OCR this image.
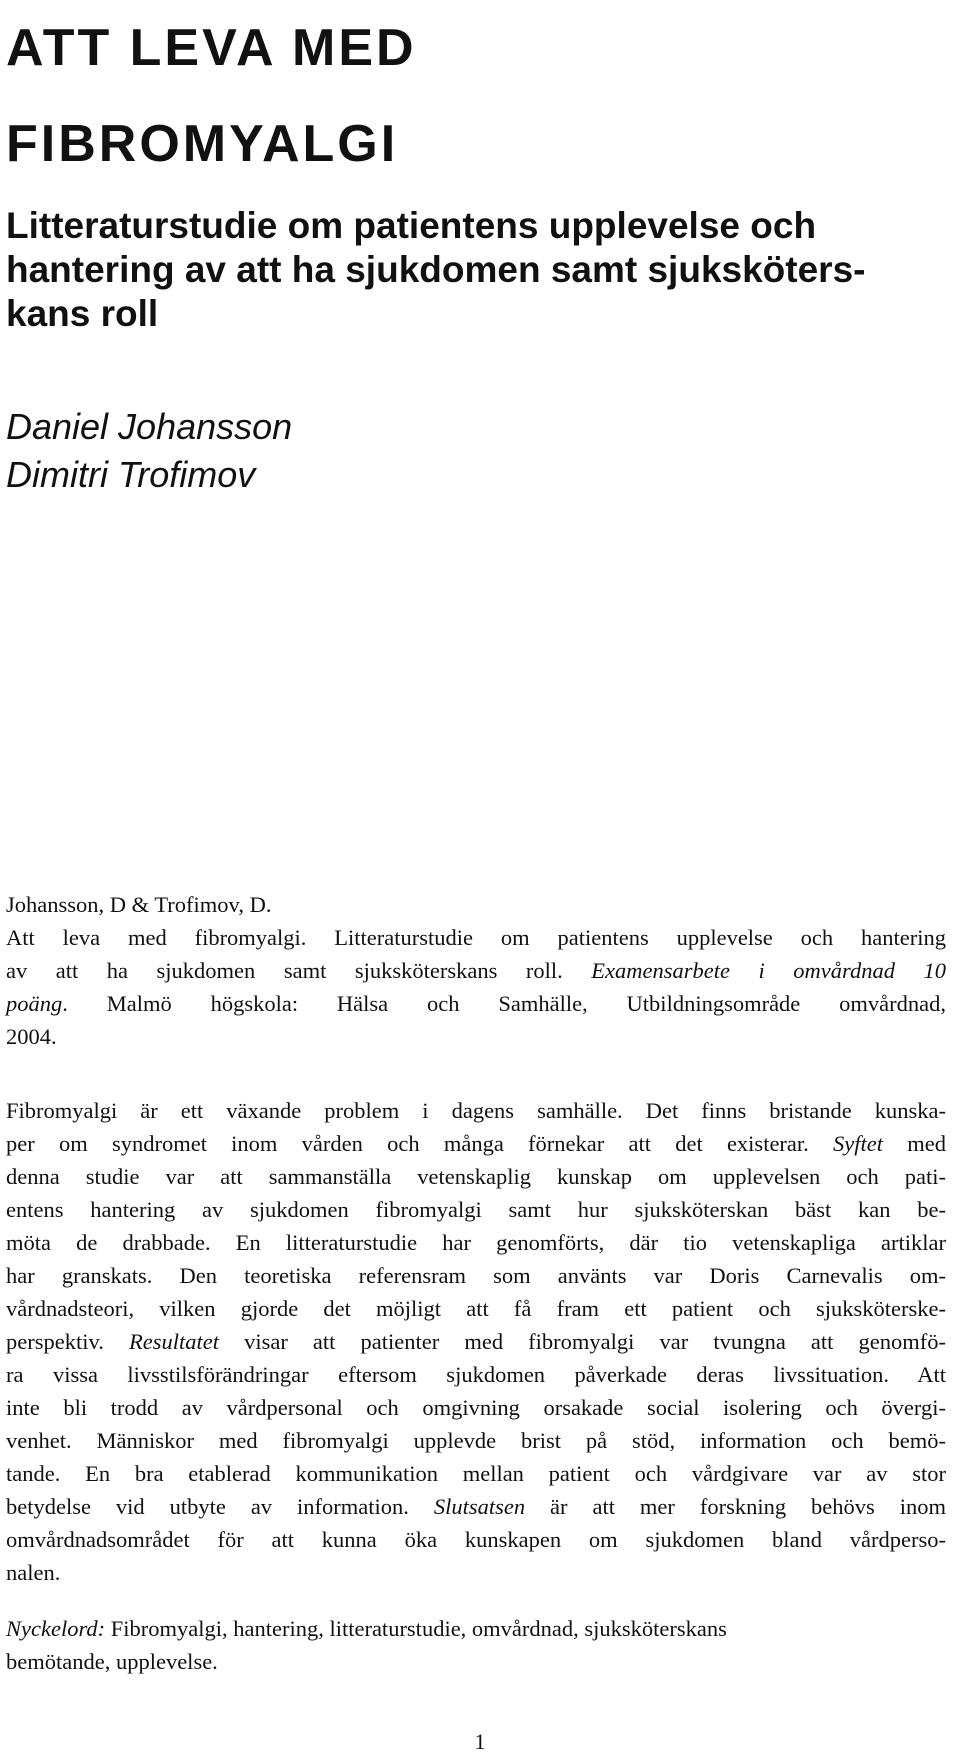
ATT LEVA MED
FIBROMYALGI
Litteraturstudie om patientens upplevelse och
hantering av att ha sjukdomen samt sjuksköters-
kans roll
Daniel Johansson
Dimitri Trofimov

Johansson, D & Trofimov, D.
Att leva med fibromyalgi. Litteraturstudie om patientens upplevelse och hantering
av att ha sjukdomen samt sjuksköterskans roll. Examensarbete i omvårdnad 10
poäng. Malmö högskola: Hälsa och Samhälle, Utbildningsområde omvårdnad,
2004.

Fibromyalgi är ett växande problem i dagens samhälle. Det finns bristande kunska-
per om syndromet inom vården och många förnekar att det existerar. Syftet med
denna studie var att sammanställa vetenskaplig kunskap om upplevelsen och pati-
entens hantering av sjukdomen fibromyalgi samt hur sjuksköterskan bäst kan be-
möta de drabbade. En litteraturstudie har genomförts, där tio vetenskapliga artiklar
har granskats. Den teoretiska referensram som använts var Doris Carnevalis om-
vårdnadsteori, vilken gjorde det möjligt att få fram ett patient och sjuksköterske-
perspektiv. Resultatet visar att patienter med fibromyalgi var tvungna att genomfö-
ra vissa livsstilsförändringar eftersom sjukdomen påverkade deras livssituation. Att
inte bli trodd av vårdpersonal och omgivning orsakade social isolering och övergi-
venhet. Människor med fibromyalgi upplevde brist på stöd, information och bemö-
tande. En bra etablerad kommunikation mellan patient och vårdgivare var av stor
betydelse vid utbyte av information. Slutsatsen är att mer forskning behövs inom
omvårdnadsområdet för att kunna öka kunskapen om sjukdomen bland vårdperso-
nalen.

Nyckelord: Fibromyalgi, hantering, litteraturstudie, omvårdnad, sjuksköterskans
bemötande, upplevelse.

1
